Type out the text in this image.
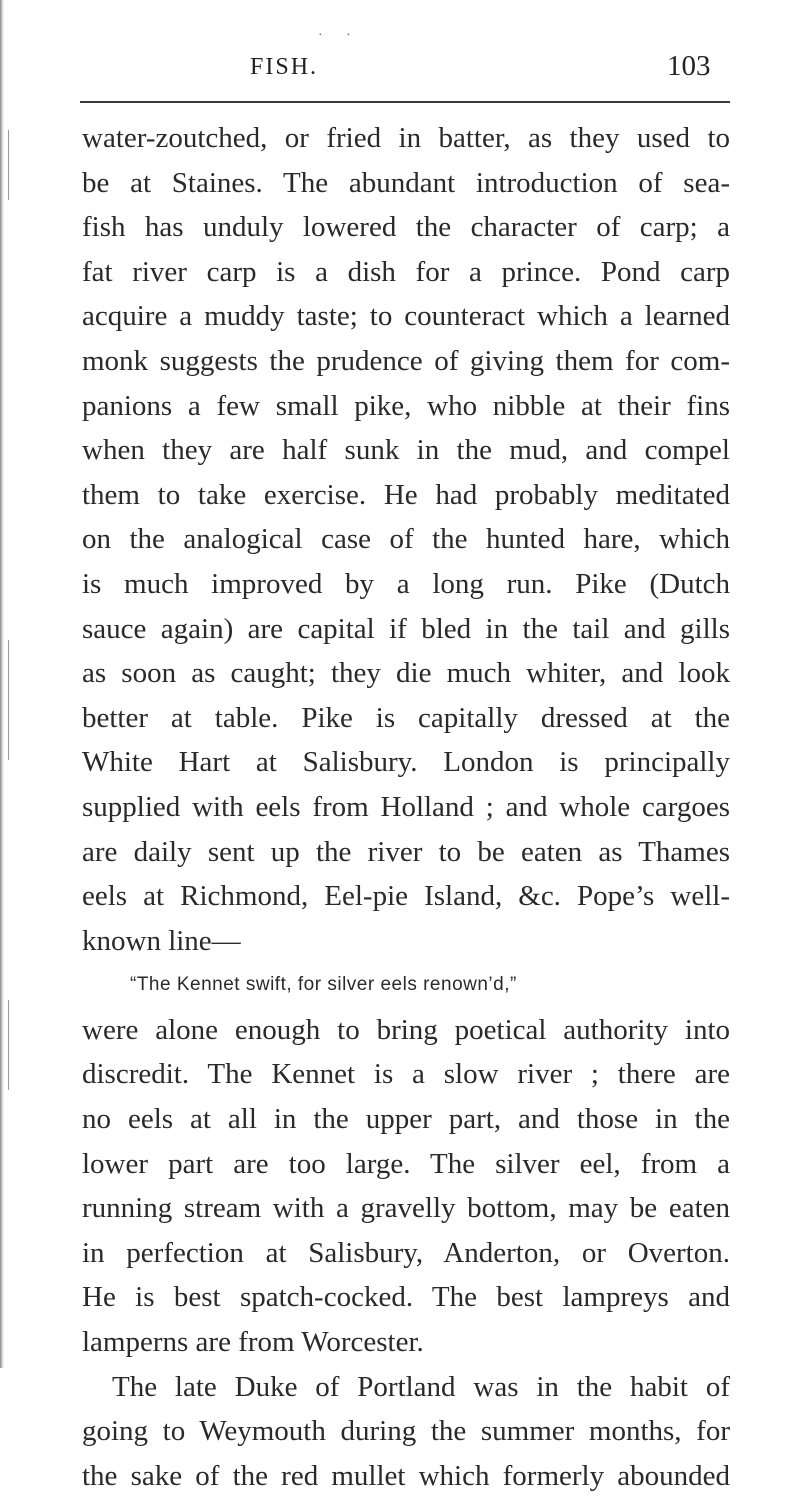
· ·
FISH.	103
water-zoutched, or fried in batter, as they used to
be at Staines. The abundant introduction of sea-
fish has unduly lowered the character of carp; a
fat river carp is a dish for a prince. Pond carp
acquire a muddy taste; to counteract which a learned
monk suggests the prudence of giving them for com-
panions a few small pike, who nibble at their fins
when they are half sunk in the mud, and compel
them to take exercise. He had probably meditated
on the analogical case of the hunted hare, which
is much improved by a long run. Pike (Dutch
sauce again) are capital if bled in the tail and gills
as soon as caught; they die much whiter, and look
better at table. Pike is capitally dressed at the
White Hart at Salisbury. London is principally
supplied with eels from Holland ; and whole cargoes
are daily sent up the river to be eaten as Thames
eels at Richmond, Eel-pie Island, &c. Pope’s well-
known line—
“The Kennet swift, for silver eels renown’d,”
were alone enough to bring poetical authority into
discredit. The Kennet is a slow river ; there are
no eels at all in the upper part, and those in the
lower part are too large. The silver eel, from a
running stream with a gravelly bottom, may be eaten
in perfection at Salisbury, Anderton, or Overton.
He is best spatch-cocked. The best lampreys and
lamperns are from Worcester.
The late Duke of Portland was in the habit of
going to Weymouth during the summer months, for
the sake of the red mullet which formerly abounded
